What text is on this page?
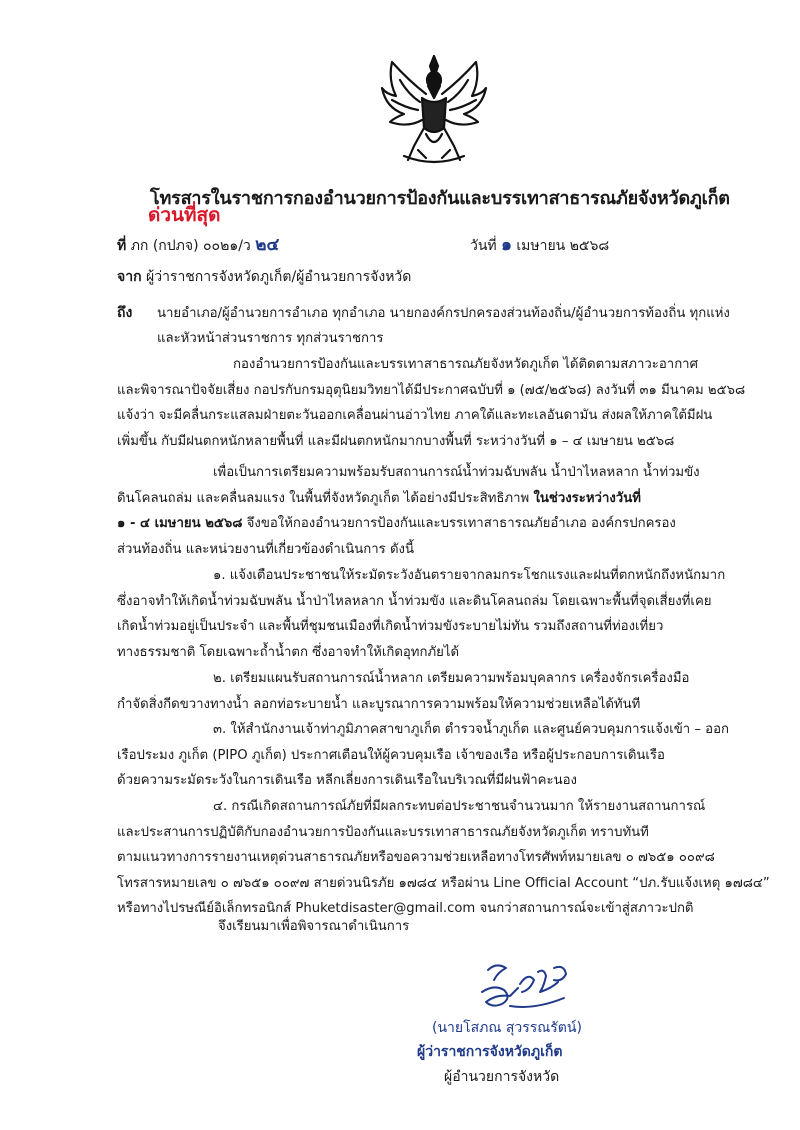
โทรสารในราชการกองอำนวยการป้องกันและบรรเทาสาธารณภัยจังหวัดภูเก็ต
ด่วนที่สุด
ที่ ภก (กปภจ) ๐๐๒๑/ว ๒๔	วันที่ ๑ เมษายน ๒๕๖๘
จาก ผู้ว่าราชการจังหวัดภูเก็ต/ผู้อำนวยการจังหวัด
ถึง นายอำเภอ/ผู้อำนวยการอำเภอ ทุกอำเภอ นายกองค์กรปกครองส่วนท้องถิ่น/ผู้อำนวยการท้องถิ่น ทุกแห่ง
และหัวหน้าส่วนราชการ ทุกส่วนราชการ
กองอำนวยการป้องกันและบรรเทาสาธารณภัยจังหวัดภูเก็ต ได้ติดตามสภาวะอากาศ
และพิจารณาปัจจัยเสี่ยง กอปรกับกรมอุตุนิยมวิทยาได้มีประกาศฉบับที่ ๑ (๗๕/๒๕๖๘) ลงวันที่ ๓๑ มีนาคม ๒๕๖๘
แจ้งว่า จะมีคลื่นกระแสลมฝ่ายตะวันออกเคลื่อนผ่านอ่าวไทย ภาคใต้และทะเลอันดามัน ส่งผลให้ภาคใต้มีฝน
เพิ่มขึ้น กับมีฝนตกหนักหลายพื้นที่ และมีฝนตกหนักมากบางพื้นที่ ระหว่างวันที่ ๑ – ๔ เมษายน ๒๕๖๘
เพื่อเป็นการเตรียมความพร้อมรับสถานการณ์น้ำท่วมฉับพลัน น้ำป่าไหลหลาก น้ำท่วมขัง
ดินโคลนถล่ม และคลื่นลมแรง ในพื้นที่จังหวัดภูเก็ต ได้อย่างมีประสิทธิภาพ ในช่วงระหว่างวันที่
๑ - ๔ เมษายน ๒๕๖๘ จึงขอให้กองอำนวยการป้องกันและบรรเทาสาธารณภัยอำเภอ องค์กรปกครอง
ส่วนท้องถิ่น และหน่วยงานที่เกี่ยวข้องดำเนินการ ดังนี้
๑. แจ้งเตือนประชาชนให้ระมัดระวังอันตรายจากลมกระโชกแรงและฝนที่ตกหนักถึงหนักมาก
ซึ่งอาจทำให้เกิดน้ำท่วมฉับพลัน น้ำป่าไหลหลาก น้ำท่วมขัง และดินโคลนถล่ม โดยเฉพาะพื้นที่จุดเสี่ยงที่เคย
เกิดน้ำท่วมอยู่เป็นประจำ และพื้นที่ชุมชนเมืองที่เกิดน้ำท่วมขังระบายไม่ทัน รวมถึงสถานที่ท่องเที่ยว
ทางธรรมชาติ โดยเฉพาะถ้ำน้ำตก ซึ่งอาจทำให้เกิดอุทกภัยได้
๒. เตรียมแผนรับสถานการณ์น้ำหลาก เตรียมความพร้อมบุคลากร เครื่องจักรเครื่องมือ
กำจัดสิ่งกีดขวางทางน้ำ ลอกท่อระบายน้ำ และบูรณาการความพร้อมให้ความช่วยเหลือได้ทันที
๓. ให้สำนักงานเจ้าท่าภูมิภาคสาขาภูเก็ต ตำรวจน้ำภูเก็ต และศูนย์ควบคุมการแจ้งเข้า – ออก
เรือประมง ภูเก็ต (PIPO ภูเก็ต) ประกาศเตือนให้ผู้ควบคุมเรือ เจ้าของเรือ หรือผู้ประกอบการเดินเรือ
ด้วยความระมัดระวังในการเดินเรือ หลีกเลี่ยงการเดินเรือในบริเวณที่มีฝนฟ้าคะนอง
๔. กรณีเกิดสถานการณ์ภัยที่มีผลกระทบต่อประชาชนจำนวนมาก ให้รายงานสถานการณ์
และประสานการปฏิบัติกับกองอำนวยการป้องกันและบรรเทาสาธารณภัยจังหวัดภูเก็ต ทราบทันที
ตามแนวทางการรายงานเหตุด่วนสาธารณภัยหรือขอความช่วยเหลือทางโทรศัพท์หมายเลข ๐ ๗๖๕๑ ๐๐๙๘
โทรสารหมายเลข ๐ ๗๖๕๑ ๐๐๙๗ สายด่วนนิรภัย ๑๗๘๔ หรือผ่าน Line Official Account “ปภ.รับแจ้งเหตุ ๑๗๘๔”
หรือทางไปรษณีย์อิเล็กทรอนิกส์ Phuketdisaster@gmail.com จนกว่าสถานการณ์จะเข้าสู่สภาวะปกติ
จึงเรียนมาเพื่อพิจารณาดำเนินการ
(นายโสภณ สุวรรณรัตน์)
ผู้ว่าราชการจังหวัดภูเก็ต
ผู้อำนวยการจังหวัด
